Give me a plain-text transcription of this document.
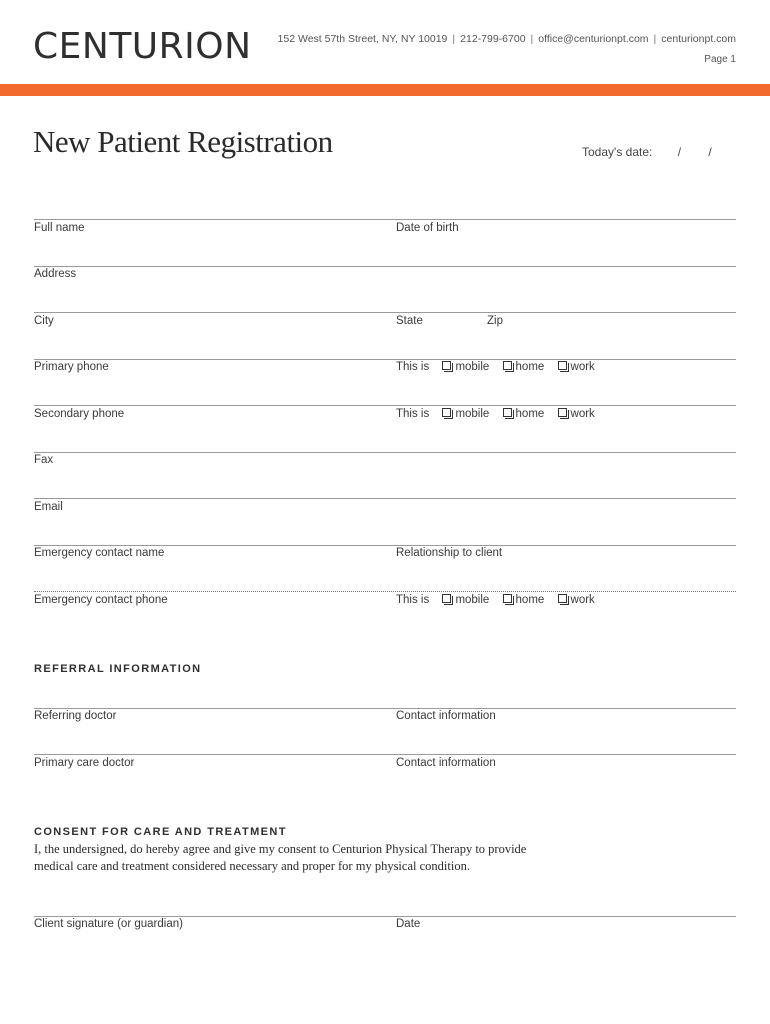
CENTURION 152 West 57th Street, NY, NY 10019 | 212-799-6700 | office@centurionpt.com | centurionpt.com
Page 1
New Patient Registration	Today's date: / /
Full name	Date of birth
Address
City	State	Zip
Primary phone	This is mobile home work
Secondary phone	This is mobile home work
Fax
Email
Emergency contact name	Relationship to client
Emergency contact phone	This is mobile home work
REFERRAL INFORMATION
Referring doctor	Contact information
Primary care doctor	Contact information
CONSENT FOR CARE AND TREATMENT
I, the undersigned, do hereby agree and give my consent to Centurion Physical Therapy to provide medical care and treatment considered necessary and proper for my physical condition.
Client signature (or guardian)	Date
